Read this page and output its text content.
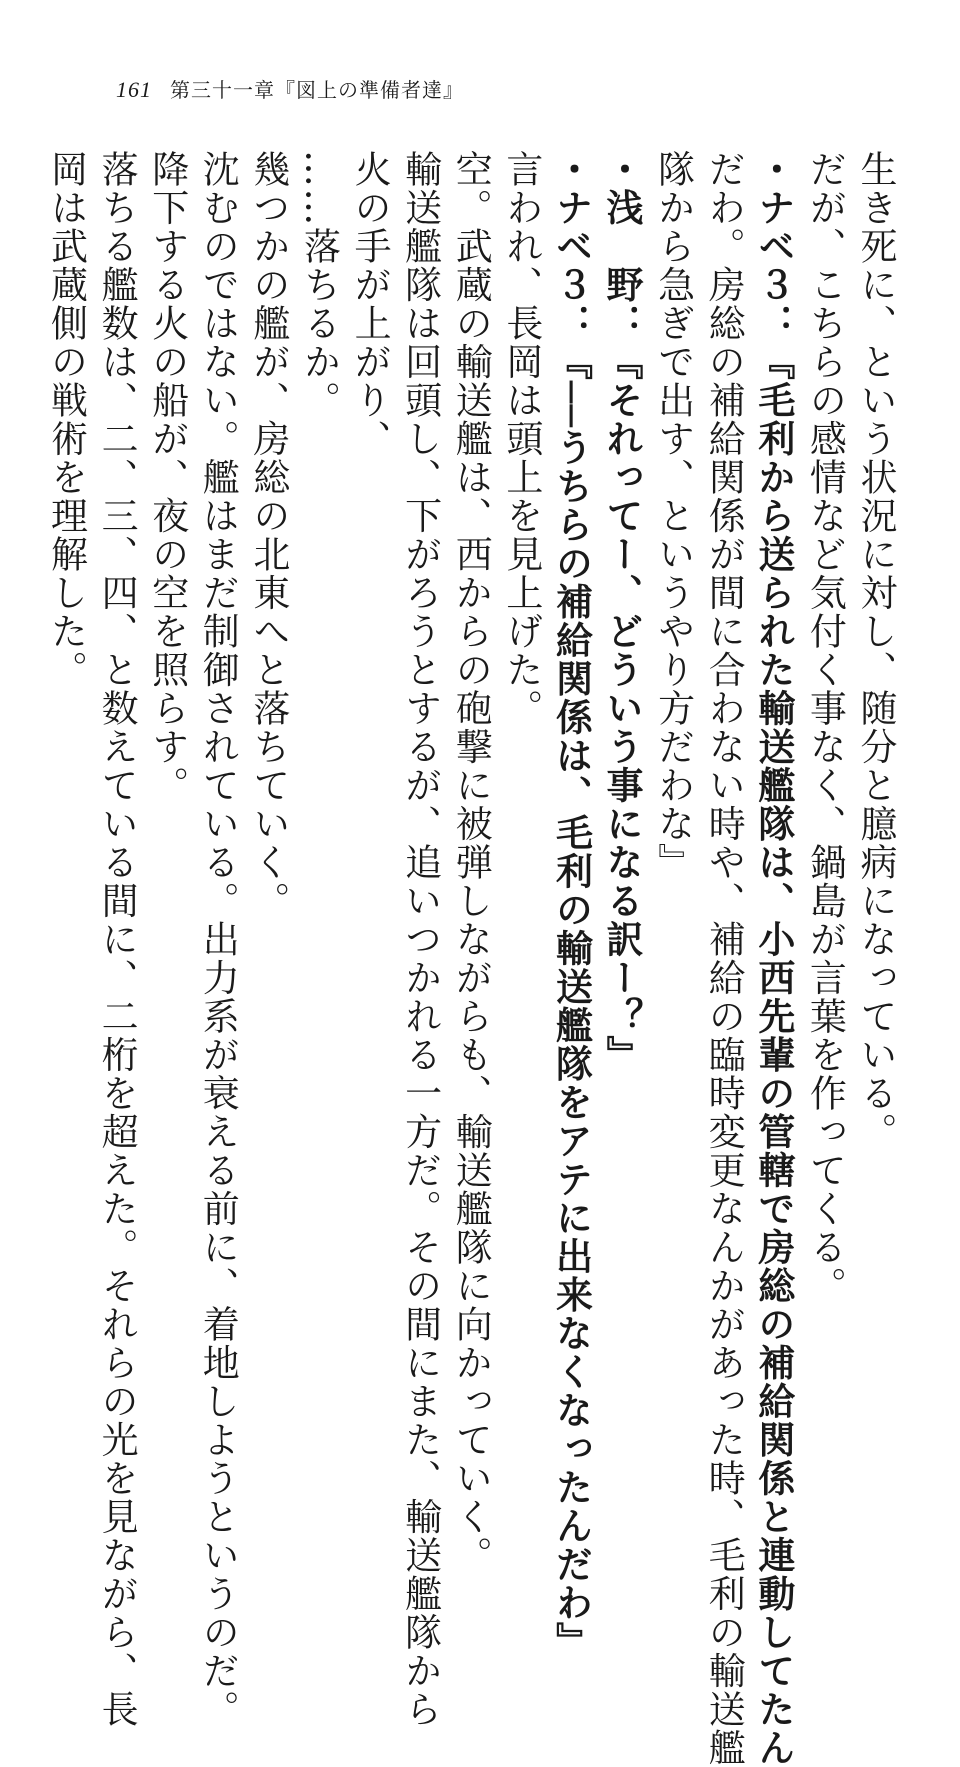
161 第三十一章『図上の準備者達』
生き死に、という状況に対し、随分と臆病になっている。
だが、こちらの感情など気付く事なく、鍋島が言葉を作ってくる。
・ナベ３：『毛利から送られた輸送艦隊は、小西先輩の管轄で房総の補給関係と連動してたん
だわ。房総の補給関係が間に合わない時や、補給の臨時変更なんかがあった時、毛利の輸送艦
隊から急ぎで出す、というやり方だわな』
・浅　野：『それってー、どういう事になる訳ー？』
・ナベ３：『──うちらの補給関係は、毛利の輸送艦隊をアテに出来なくなったんだわ』
言われ、長岡は頭上を見上げた。
空。武蔵の輸送艦は、西からの砲撃に被弾しながらも、輸送艦隊に向かっていく。
輸送艦隊は回頭し、下がろうとするが、追いつかれる一方だ。その間にまた、輸送艦隊から
火の手が上がり、
……落ちるか。
幾つかの艦が、房総の北東へと落ちていく。
沈むのではない。艦はまだ制御されている。出力系が衰える前に、着地しようというのだ。
降下する火の船が、夜の空を照らす。
落ちる艦数は、二、三、四、と数えている間に、二桁を超えた。それらの光を見ながら、長
岡は武蔵側の戦術を理解した。
